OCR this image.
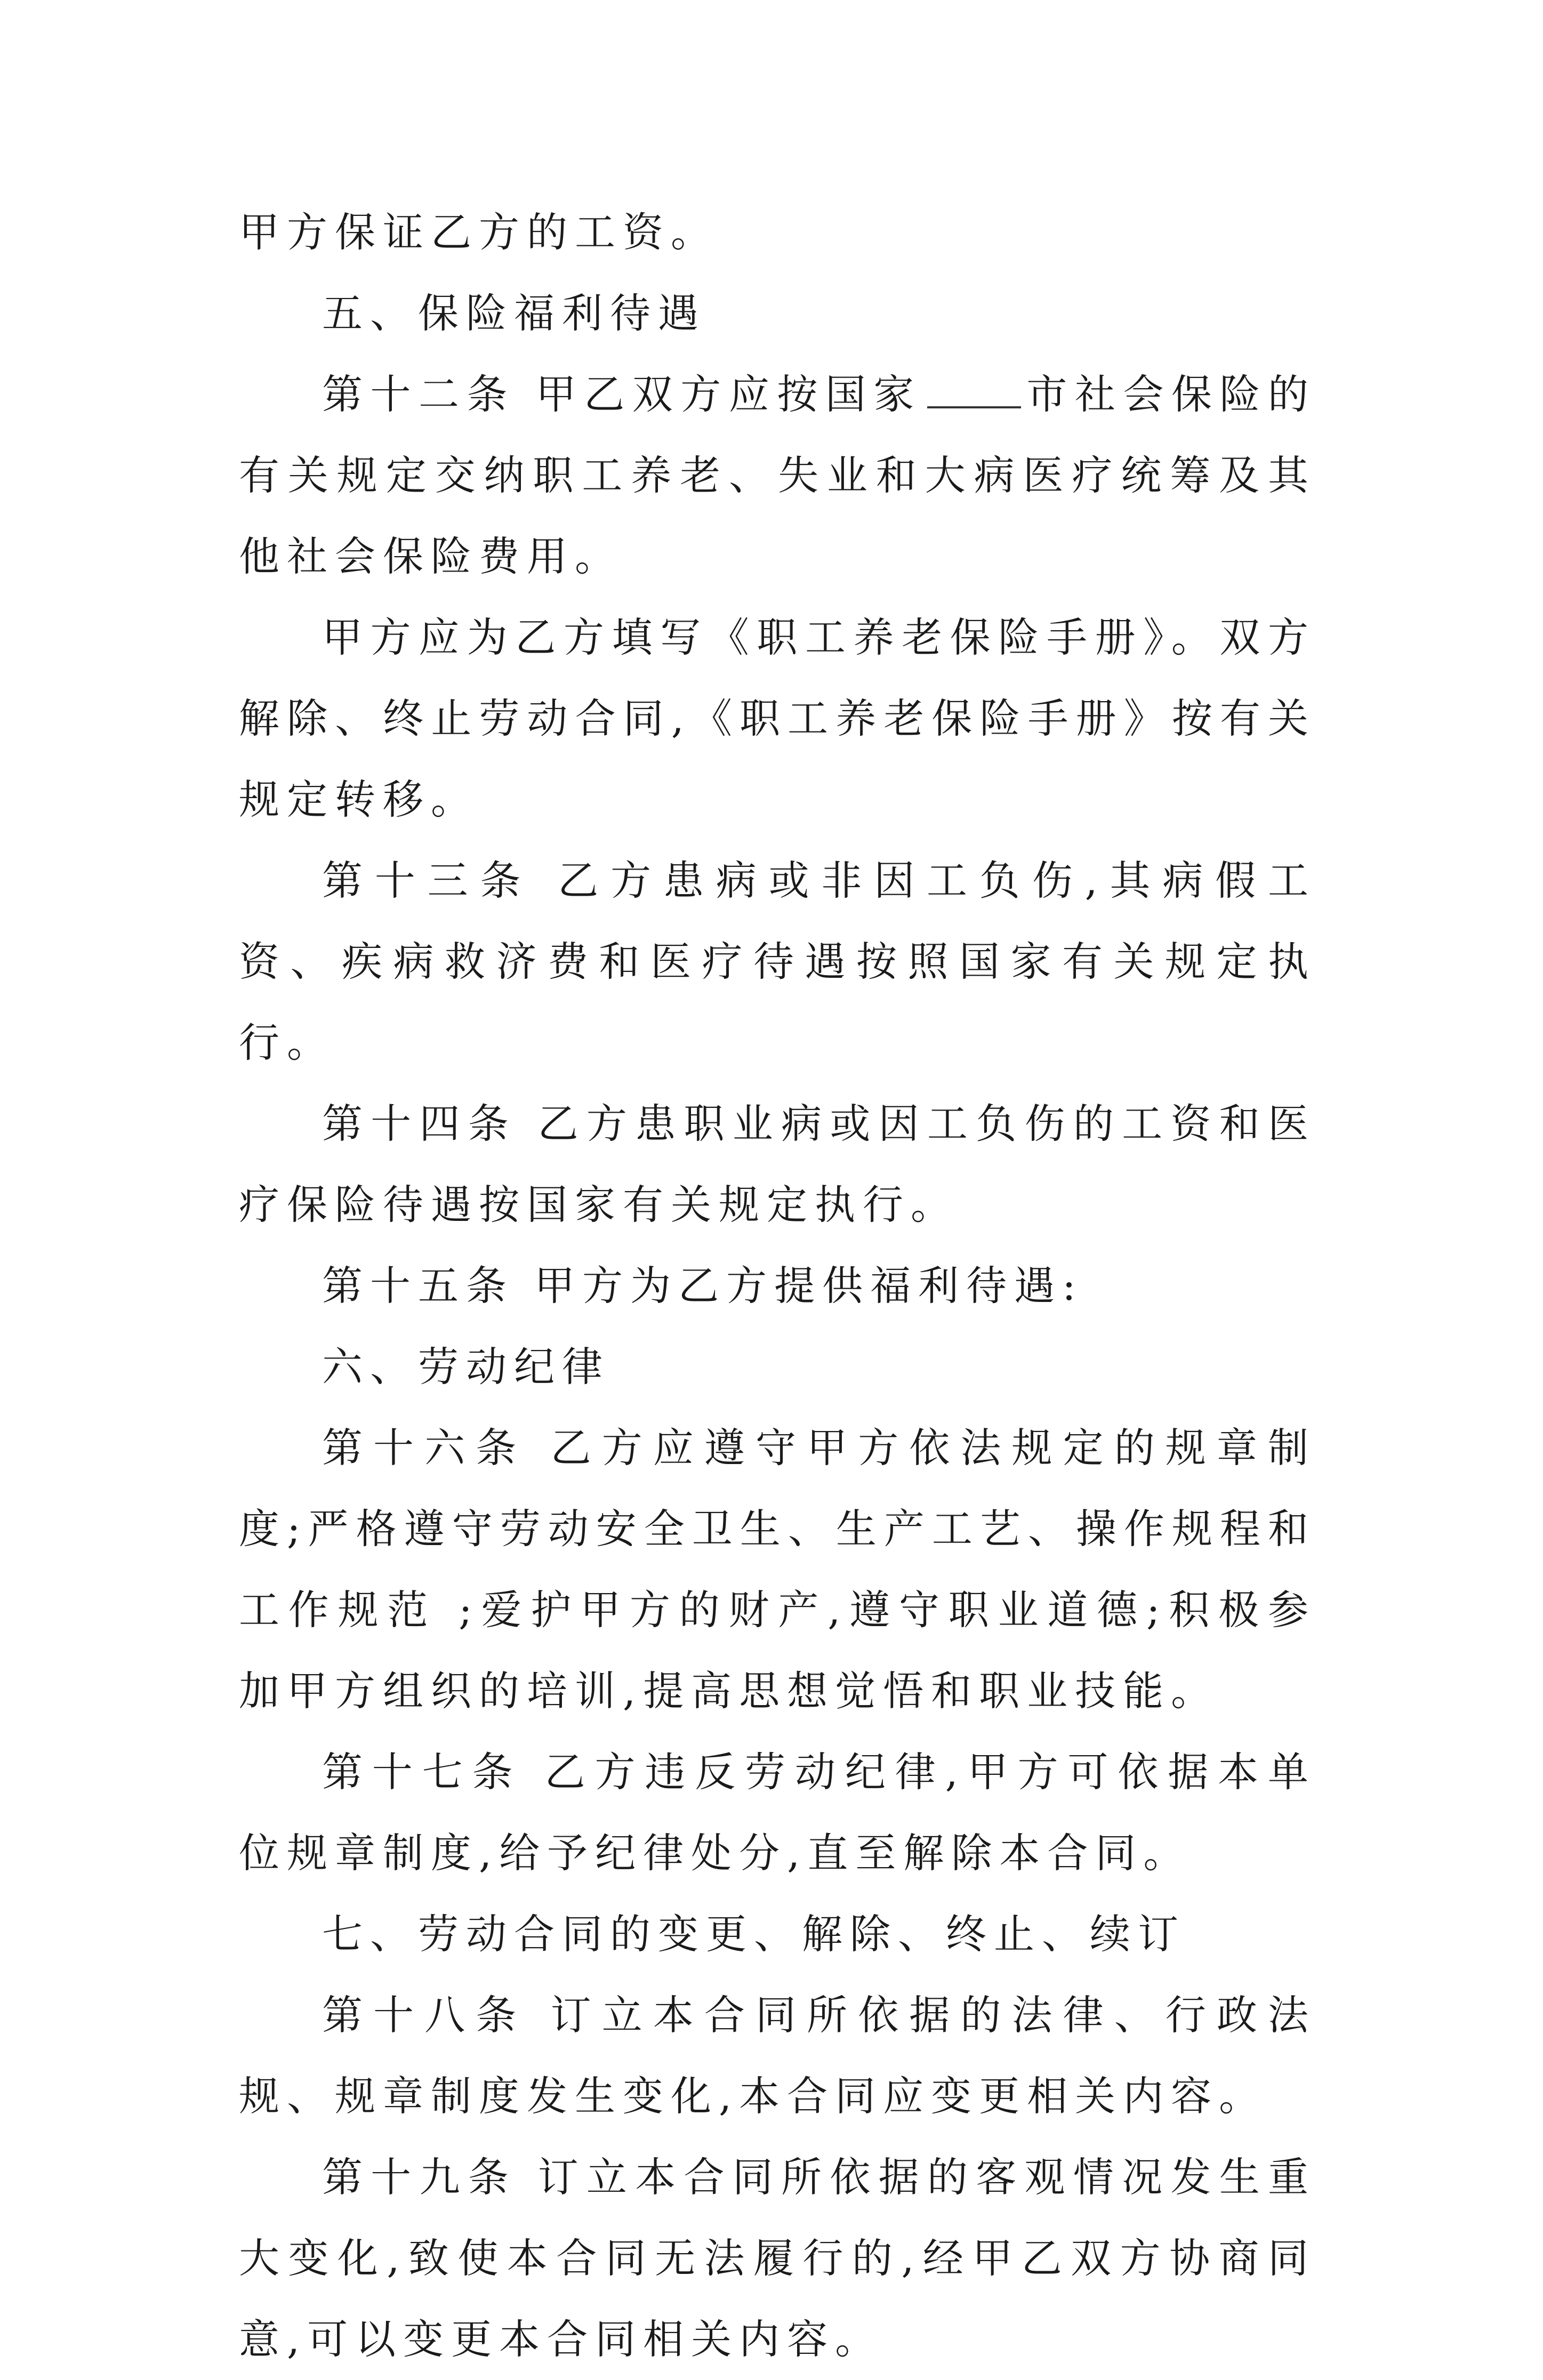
甲方保证乙方的工资。

五、保险福利待遇

第十二条 甲乙双方应按国家	市社会保险的有关规定交纳职工养老、失业和大病医疗统筹及其他社会保险费用。

甲方应为乙方填写《职工养老保险手册》。双方解除、终止劳动合同,《职工养老保险手册》按有关规定转移。

第十三条 乙方患病或非因工负伤,其病假工资、疾病救济费和医疗待遇按照国家有关规定执行。

第十四条 乙方患职业病或因工负伤的工资和医疗保险待遇按国家有关规定执行。

第十五条 甲方为乙方提供福利待遇:

六、劳动纪律

第十六条 乙方应遵守甲方依法规定的规章制度;严格遵守劳动安全卫生、生产工艺、操作规程和工作规范 ;爱护甲方的财产,遵守职业道德;积极参加甲方组织的培训,提高思想觉悟和职业技能。

第十七条 乙方违反劳动纪律,甲方可依据本单位规章制度,给予纪律处分,直至解除本合同。

七、劳动合同的变更、解除、终止、续订

第十八条 订立本合同所依据的法律、行政法规、规章制度发生变化,本合同应变更相关内容。

第十九条 订立本合同所依据的客观情况发生重大变化,致使本合同无法履行的,经甲乙双方协商同意,可以变更本合同相关内容。
